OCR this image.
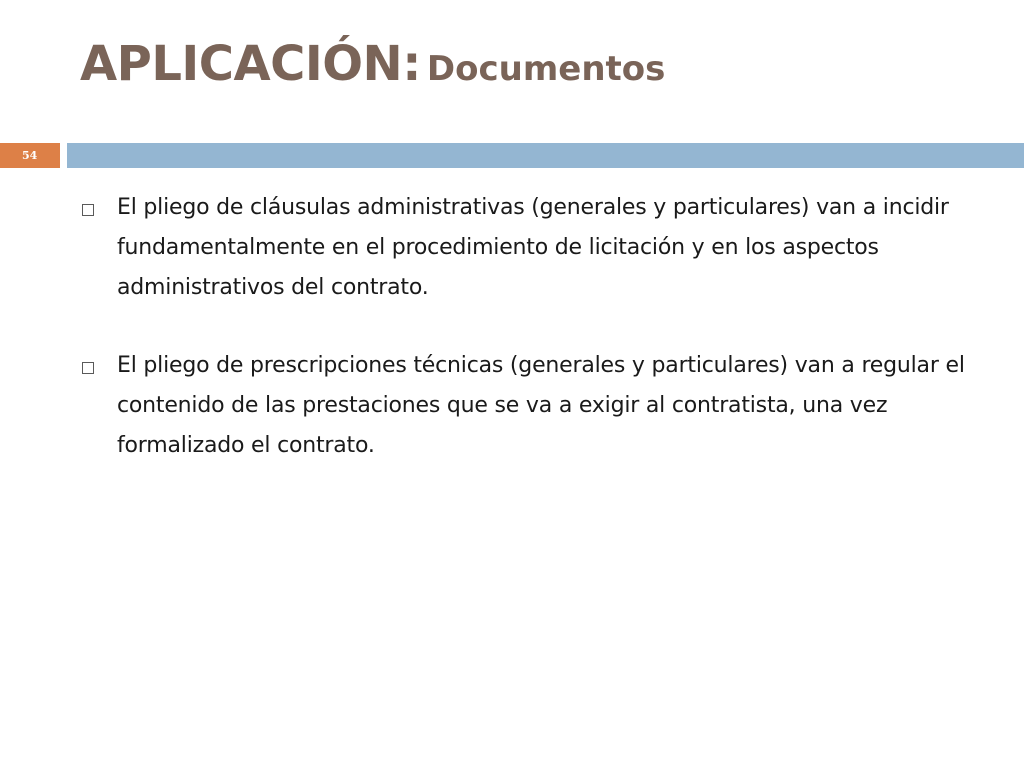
APLICACIÓN: Documentos
54

El pliego de cláusulas administrativas (generales y particulares) van a incidir fundamentalmente en el procedimiento de licitación y en los aspectos administrativos del contrato.

El pliego de prescripciones técnicas (generales y particulares) van a regular el contenido de las prestaciones que se va a exigir al contratista, una vez formalizado el contrato.
